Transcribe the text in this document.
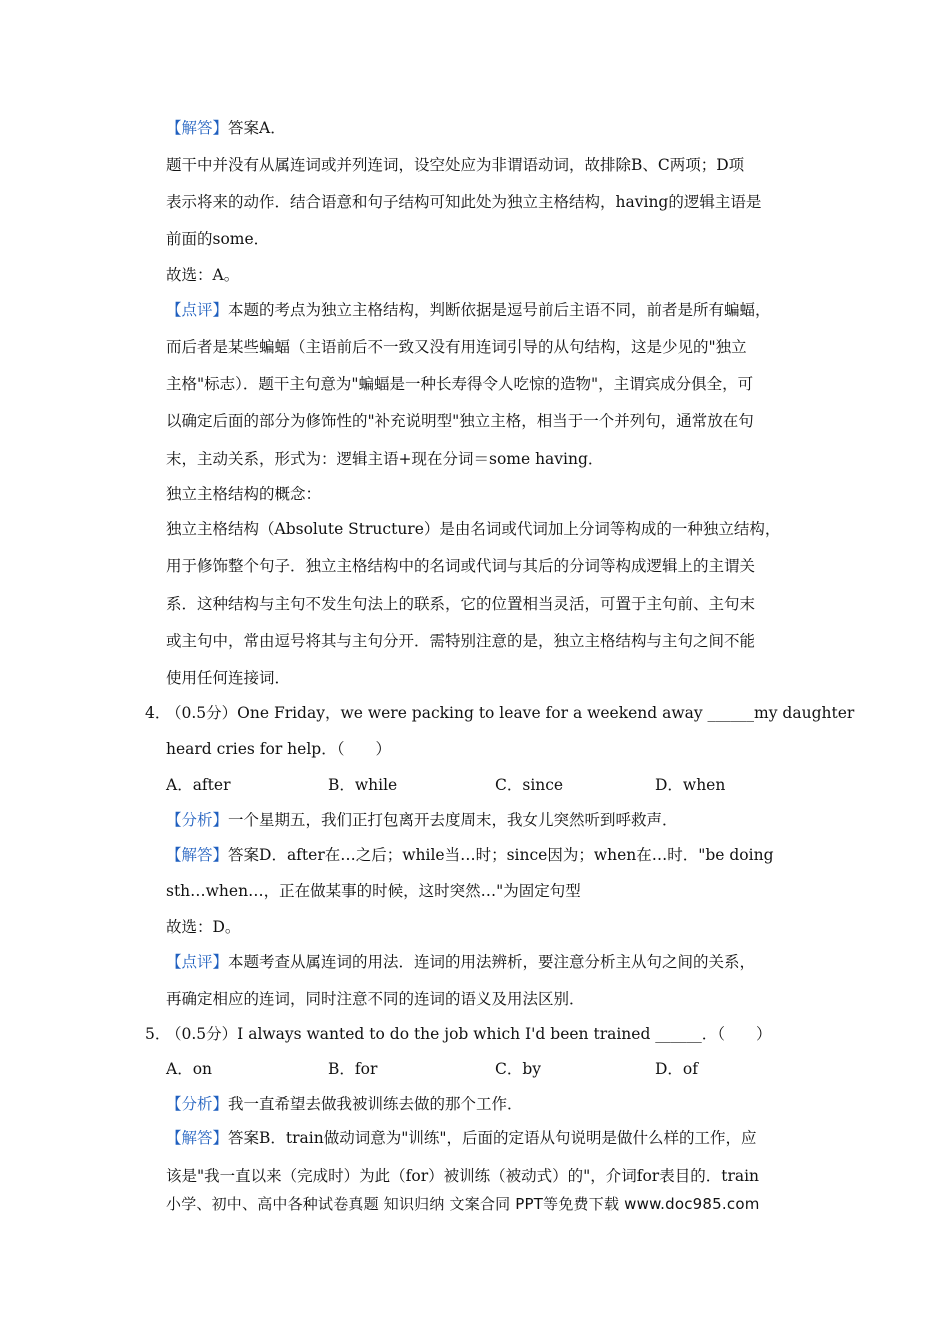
【解答】答案A．
题干中并没有从属连词或并列连词，设空处应为非谓语动词，故排除B、C两项；D项
表示将来的动作．结合语意和句子结构可知此处为独立主格结构，having的逻辑主语是
前面的some．
故选：A。
【点评】本题的考点为独立主格结构，判断依据是逗号前后主语不同，前者是所有蝙蝠，
而后者是某些蝙蝠（主语前后不一致又没有用连词引导的从句结构，这是少见的"独立
主格"标志）．题干主句意为"蝙蝠是一种长寿得令人吃惊的造物"，主谓宾成分俱全，可
以确定后面的部分为修饰性的"补充说明型"独立主格，相当于一个并列句，通常放在句
末，主动关系，形式为：逻辑主语+现在分词＝some having．
独立主格结构的概念：
独立主格结构（Absolute Structure）是由名词或代词加上分词等构成的一种独立结构，
用于修饰整个句子．独立主格结构中的名词或代词与其后的分词等构成逻辑上的主谓关
系．这种结构与主句不发生句法上的联系，它的位置相当灵活，可置于主句前、主句末
或主句中，常由逗号将其与主句分开．需特别注意的是，独立主格结构与主句之间不能
使用任何连接词．
4．
（0.5分）One Friday，we were packing to leave for a weekend away ______my daughter
heard cries for help．（　　）
A．after	B．while	C．since	D．when
【分析】一个星期五，我们正打包离开去度周末，我女儿突然听到呼救声．
【解答】答案D．after在…之后；while当…时；since因为；when在…时．"be doing
sth…when…，正在做某事的时候，这时突然…"为固定句型
故选：D。
【点评】本题考查从属连词的用法．连词的用法辨析，要注意分析主从句之间的关系，
再确定相应的连词，同时注意不同的连词的语义及用法区别．
5．
（0.5分）I always wanted to do the job which I'd been trained ______．（　　）
A．on	B．for	C．by	D．of
【分析】我一直希望去做我被训练去做的那个工作．
【解答】答案B．train做动词意为"训练"，后面的定语从句说明是做什么样的工作，应
该是"我一直以来（完成时）为此（for）被训练（被动式）的"，介词for表目的．train
小学、初中、高中各种试卷真题 知识归纳 文案合同 PPT等免费下载 www.doc985.com
